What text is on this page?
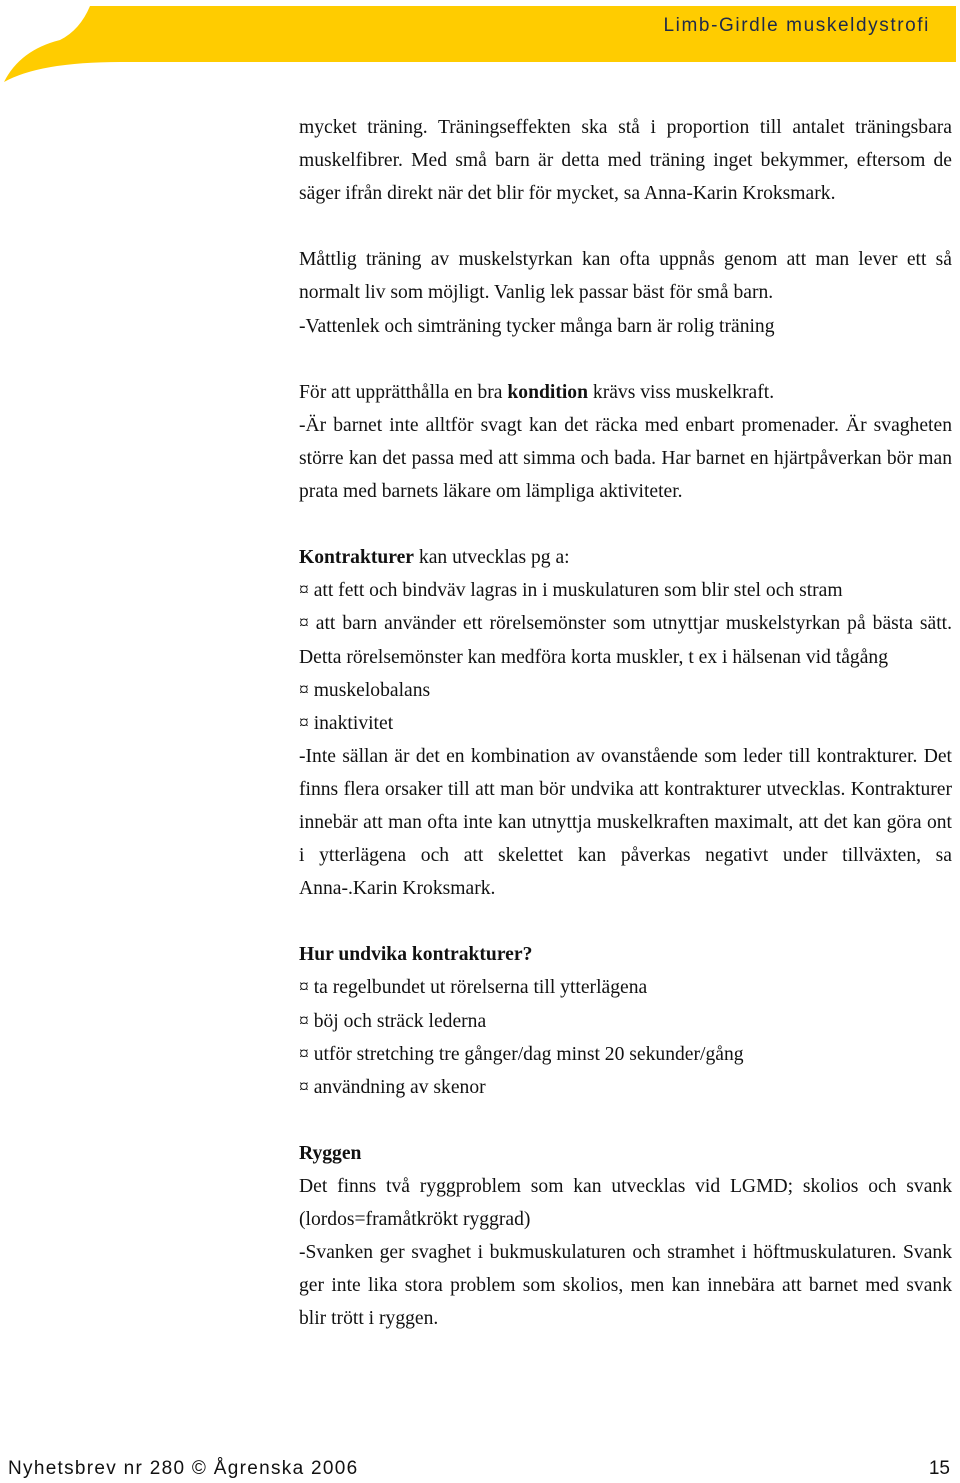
Limb-Girdle muskeldystrofi

mycket träning. Träningseffekten ska stå i proportion till antalet träningsbara muskelfibrer. Med små barn är detta med träning inget bekymmer, eftersom de säger ifrån direkt när det blir för mycket, sa Anna-Karin Kroksmark.

Måttlig träning av muskelstyrkan kan ofta uppnås genom att man lever ett så normalt liv som möjligt. Vanlig lek passar bäst för små barn.

-Vattenlek och simträning tycker många barn är rolig träning

För att upprätthålla en bra kondition krävs viss muskelkraft.

-Är barnet inte alltför svagt kan det räcka med enbart promenader. Är svagheten större kan det passa med att simma och bada. Har barnet en hjärtpåverkan bör man prata med barnets läkare om lämpliga aktiviteter.

Kontrakturer kan utvecklas pg a:

¤ att fett och bindväv lagras in i muskulaturen som blir stel och stram

¤ att barn använder ett rörelsemönster som utnyttjar muskelstyrkan på bästa sätt. Detta rörelsemönster kan medföra korta muskler, t ex i hälsenan vid tågång

¤ muskelobalans

¤ inaktivitet

-Inte sällan är det en kombination av ovanstående som leder till kontrakturer. Det finns flera orsaker till att man bör undvika att kontrakturer utvecklas. Kontrakturer innebär att man ofta inte kan utnyttja muskelkraften maximalt, att det kan göra ont i ytterlägena och att skelettet kan påverkas negativt under tillväxten, sa Anna-.Karin Kroksmark.

Hur undvika kontrakturer?

¤ ta regelbundet ut rörelserna till ytterlägena

¤ böj och sträck lederna

¤ utför stretching tre gånger/dag minst 20 sekunder/gång

¤ användning av skenor

Ryggen

Det finns två ryggproblem som kan utvecklas vid LGMD; skolios och svank (lordos=framåtkrökt ryggrad)

-Svanken ger svaghet i bukmuskulaturen och stramhet i höftmuskulaturen. Svank ger inte lika stora problem som skolios, men kan innebära att barnet med svank blir trött i ryggen.

Nyhetsbrev nr 280 © Ågrenska 2006	15
